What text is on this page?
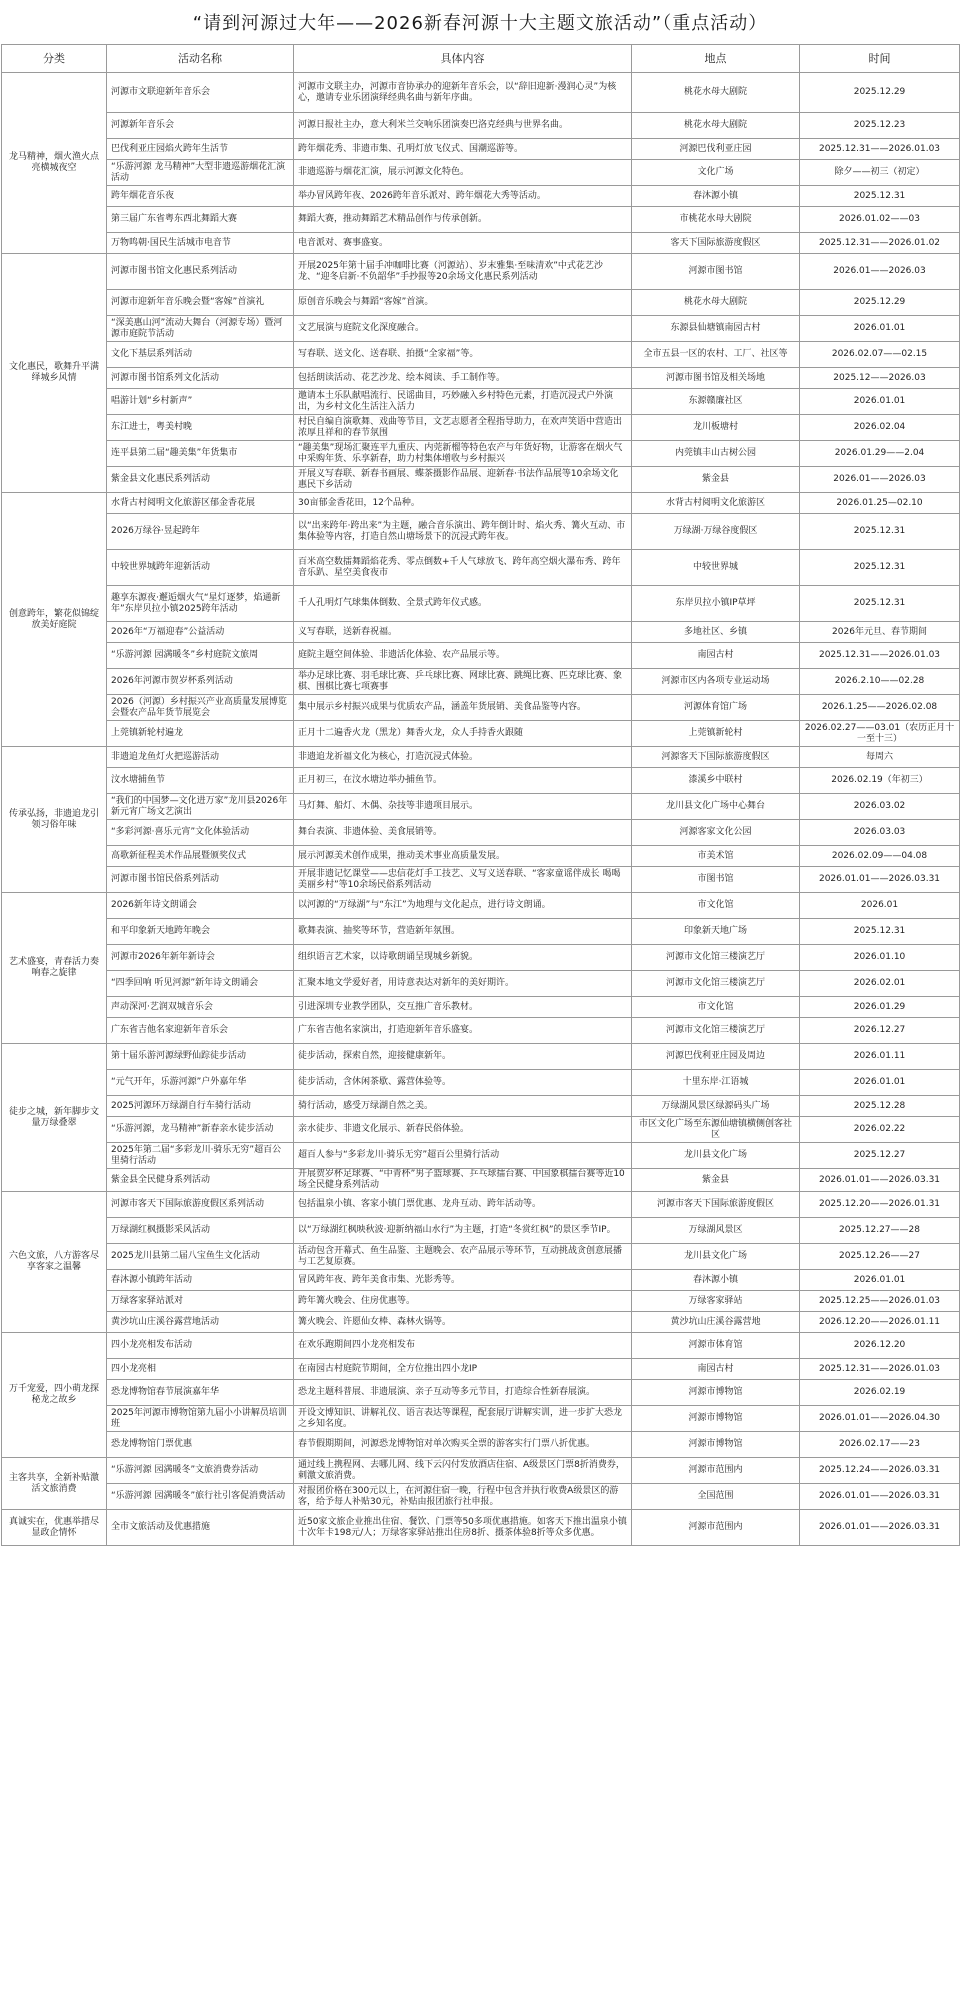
“请到河源过大年——2026新春河源十大主题文旅活动”（重点活动）
分类	活动名称	具体内容	地点	时间
龙马精神，烟火渔火点亮横城夜空	河源市文联迎新年音乐会	河源市文联主办，河源市音协承办的迎新年音乐会，以“辞旧迎新·漫润心灵”为核心，邀请专业乐团演绎经典名曲与新年序曲。	桃花水母大剧院	2025.12.29
	河源新年音乐会	河源日报社主办，意大利米兰交响乐团演奏巴洛克经典与世界名曲。	桃花水母大剧院	2025.12.23
	巴伐利亚庄园焰火跨年生活节	跨年烟花秀、非遗市集、孔明灯放飞仪式、国潮巡游等。	河源巴伐利亚庄园	2025.12.31——2026.01.03
	“乐游河源 龙马精神”大型非遗巡游烟花汇演活动	非遗巡游与烟花汇演，展示河源文化特色。	文化广场	除夕——初三（初定）
	跨年烟花音乐夜	举办冒风跨年夜、2026跨年音乐派对、跨年烟花大秀等活动。	春沐源小镇	2025.12.31
	第三届广东省粤东西北舞蹈大赛	舞蹈大赛，推动舞蹈艺术精品创作与传承创新。	市桃花水母大剧院	2026.01.02——03
	万物鸣朝·国民生活城市电音节	电音派对、赛事盛宴。	客天下国际旅游度假区	2025.12.31——2026.01.02
文化惠民，歌舞升平满绎城乡风情	河源市图书馆文化惠民系列活动	开展2025年第十届手冲咖啡比赛（河源站）、岁末雅集·至味清欢”中式花艺沙龙、“迎冬启新·不负韶华”手抄报等20余场文化惠民系列活动	河源市图书馆	2026.01——2026.03
	河源市迎新年音乐晚会暨“客嫁”首演礼	原创音乐晚会与舞蹈“客嫁”首演。	桃花水母大剧院	2025.12.29
	“深美惠山河”流动大舞台（河源专场）暨河源市庭院节活动	文艺展演与庭院文化深度融合。	东源县仙塘镇南园古村	2026.01.01
	文化下基层系列活动	写春联、送文化、送春联、拍摄“全家福”等。	全市五县一区的农村、工厂、社区等	2026.02.07——02.15
	河源市图书馆系列文化活动	包括朗读活动、花艺沙龙、绘本阅读、手工制作等。	河源市图书馆及相关场地	2025.12——2026.03
	唱游计划“乡村新声”	邀请本土乐队献唱流行、民谣曲目，巧妙融入乡村特色元素，打造沉浸式户外演出，为乡村文化生活注入活力	东源赣廉社区	2026.01.01
	东江进士，粤美村晚	村民自编自演歌舞、戏曲等节目，文艺志愿者全程指导助力，在欢声笑语中营造出浓厚且祥和的春节氛围	龙川板塘村	2026.02.04
	连平县第二届“趣美集”年货集市	“趣美集”现场汇聚连平九重庆、内莞新榴等特色农产与年货好物，让游客在烟火气中采购年货、乐享新春，助力村集体增收与乡村振兴	内莞镇丰山古树公园	2026.01.29——2.04
	紫金县文化惠民系列活动	开展义写春联、新春书画展、蝶茶摄影作品展、迎新春·书法作品展等10余场文化惠民下乡活动	紫金县	2026.01——2026.03
创意跨年，繁花似锦绽放美好庭院	水背古村阅明文化旅游区郁金香花展	30亩郁金香花田，12个品种。	水背古村阅明文化旅游区	2026.01.25—02.10
	2026万绿谷·昱起跨年	以“出来跨年·跨出来”为主题，融合音乐演出、跨年倒计时、焰火秀、篝火互动、市集体验等内容，打造自然山塘场景下的沉浸式跨年夜。	万绿湖·万绿谷度假区	2025.12.31
	中较世界城跨年迎新活动	百米高空数擂舞蹈焰花秀、零点倒数+千人气球放飞、跨年高空烟火瀑布秀、跨年音乐趴、星空美食夜市	中较世界城	2025.12.31
	趣享东源夜·邂逅烟火气“星灯逐梦，焰通新年”东岸贝拉小镇2025跨年活动	千人孔明灯气球集体倒数、全景式跨年仪式感。	东岸贝拉小镇IP草坪	2025.12.31
	2026年“万福迎春”公益活动	义写春联，送新春祝福。	多地社区、乡镇	2026年元旦、春节期间
	“乐游河源 园满暖冬”乡村庭院文旅周	庭院主题空间体验、非遗活化体验、农产品展示等。	南园古村	2025.12.31——2026.01.03
	2026年河源市贺岁杯系列活动	举办足球比赛、羽毛球比赛、乒乓球比赛、网球比赛、跳绳比赛、匹克球比赛、象棋、围棋比赛七项赛事	河源市区内各项专业运动场	2026.2.10——02.28
	2026（河源）乡村振兴产业高质量发展博览会暨农产品年货节展览会	集中展示乡村振兴成果与优质农产品，涵盖年货展销、美食品鉴等内容。	河源体育馆广场	2026.1.25——2026.02.08
	上莞镇新轮村遍龙	正月十二遍香火龙（黑龙）舞香火龙，众人手持香火跟随	上莞镇新轮村	2026.02.27——03.01（农历正月十一至十三）
传承弘扬，非遗追龙引领习俗年味	非遗追龙鱼灯火把巡游活动	非遗追龙祈福文化为核心，打造沉浸式体验。	河源客天下国际旅游度假区	每周六
	汶水塘捕鱼节	正月初三，在汶水塘边举办捕鱼节。	漆溪乡中联村	2026.02.19（年初三）
	“我们的中国梦—文化进万家”龙川县2026年新元宵广场文艺演出	马灯舞、船灯、木偶、杂技等非遗项目展示。	龙川县文化广场中心舞台	2026.03.02
	“多彩河源·喜乐元宵”文化体验活动	舞台表演、非遗体验、美食展销等。	河源客家文化公园	2026.03.03
	高歌新征程美术作品展暨颁奖仪式	展示河源美术创作成果，推动美术事业高质量发展。	市美术馆	2026.02.09——04.08
	河源市图书馆民俗系列活动	开展非遗记忆课堂——忠信花灯手工技艺、义写义送春联、“客家童谣伴成长 喝喝美丽乡村”等10余场民俗系列活动	市图书馆	2026.01.01——2026.03.31
艺术盛宴，青春活力奏响春之旋律	2026新年诗文朗诵会	以河源的“万绿湖”与“东江”为地理与文化起点，进行诗文朗诵。	市文化馆	2026.01
	和平印象新天地跨年晚会	歌舞表演、抽奖等环节，营造新年氛围。	印象新天地广场	2025.12.31
	河源市2026年新年新诗会	组织语言艺术家，以诗歌朗诵呈现城乡新貌。	河源市文化馆三楼演艺厅	2026.01.10
	“四季回响 听见河源”新年诗文朗诵会	汇聚本地文学爱好者，用诗意表达对新年的美好期许。	河源市文化馆三楼演艺厅	2026.02.01
	声动深河·艺润双城音乐会	引进深圳专业教学团队，交互推广音乐教材。	市文化馆	2026.01.29
	广东省吉他名家迎新年音乐会	广东省吉他名家演出，打造迎新年音乐盛宴。	河源市文化馆三楼演艺厅	2026.12.27
徒步之城，新年脚步文量万绿叠翠	第十届乐游河源绿野仙踪徒步活动	徒步活动，探索自然，迎接健康新年。	河源巴伐利亚庄园及周边	2026.01.11
	“元气开年，乐游河源”户外嘉年华	徒步活动，含休闲茶歇、露营体验等。	十里东岸·江语城	2026.01.01
	2025河源环万绿湖自行车骑行活动	骑行活动，感受万绿湖自然之美。	万绿湖风景区绿源码头广场	2025.12.28
	“乐游河源，龙马精神”新春亲水徒步活动	亲水徒步、非遗文化展示、新春民俗体验。	市区文化广场至东源仙塘镇横侧创客社区	2026.02.22
	2025年第二届“多彩龙川·骑乐无穷”超百公里骑行活动	超百人参与“多彩龙川·骑乐无穷”超百公里骑行活动	龙川县文化广场	2025.12.27
	紫金县全民健身系列活动	开展贺岁杯足球赛、“中青杯”男子篮球赛、乒乓球擂台赛、中国象棋擂台赛等近10场全民健身系列活动	紫金县	2026.01.01——2026.03.31
六色文旅，八方游客尽享客家之温馨	河源市客天下国际旅游度假区系列活动	包括温泉小镇、客家小镇门票优惠、龙舟互动、跨年活动等。	河源市客天下国际旅游度假区	2025.12.20——2026.01.31
	万绿湖红枫摄影采风活动	以“万绿湖红枫映秋波·迎新纳福山水行”为主题，打造“冬赏红枫”的景区季节IP。	万绿湖风景区	2025.12.27——28
	2025龙川县第二届八宝鱼生文化活动	活动包含开幕式、鱼生品鉴、主题晚会、农产品展示等环节，互动挑战贪创意展播与工艺复原赛。	龙川县文化广场	2025.12.26——27
	春沐源小镇跨年活动	冒风跨年夜、跨年美食市集、光影秀等。	春沐源小镇	2026.01.01
	万绿客家驿站派对	跨年篝火晚会、住房优惠等。	万绿客家驿站	2025.12.25——2026.01.03
	黄沙坑山庄溪谷露营地活动	篝火晚会、许愿仙女棒、森林火锅等。	黄沙坑山庄溪谷露营地	2026.12.20——2026.01.11
万千宠爱，四小萌龙探秘龙之故乡	四小龙亮相发布活动	在欢乐跑期间四小龙亮相发布	河源市体育馆	2026.12.20
	四小龙亮相	在南园古村庭院节期间，全方位推出四小龙IP	南园古村	2025.12.31——2026.01.03
	恐龙博物馆春节展演嘉年华	恐龙主题科普展、非遗展演、亲子互动等多元节目，打造综合性新春展演。	河源市博物馆	2026.02.19
	2025年河源市博物馆第九届小小讲解员培训班	开设文博知识、讲解礼仪、语言表达等课程，配套展厅讲解实训，进一步扩大恐龙之乡知名度。	河源市博物馆	2026.01.01——2026.04.30
	恐龙博物馆门票优惠	春节假期期间，河源恐龙博物馆对单次购买全票的游客实行门票八折优惠。	河源市博物馆	2026.02.17——23
主客共享，全新补贴激活文旅消费	“乐游河源 园满暖冬”文旅消费券活动	通过线上携程网、去哪儿网、线下云闪付发放酒店住宿、A级景区门票8折消费券，刺激文旅消费。	河源市范围内	2025.12.24——2026.03.31
	“乐游河源 园满暖冬”旅行社引客促消费活动	对报团价格在300元以上，在河源住宿一晚，行程中包含并执行收费A级景区的游客，给予每人补贴30元，补贴由报团旅行社申报。	全国范围	2026.01.01——2026.03.31
真诚实在，优惠举措尽显政企情怀	全市文旅活动及优惠措施	近50家文旅企业推出住宿、餐饮、门票等50多项优惠措施。如客天下推出温泉小镇十次年卡198元/人；万绿客家驿站推出住房8折、摄茶体验8折等众多优惠。	河源市范围内	2026.01.01——2026.03.31
